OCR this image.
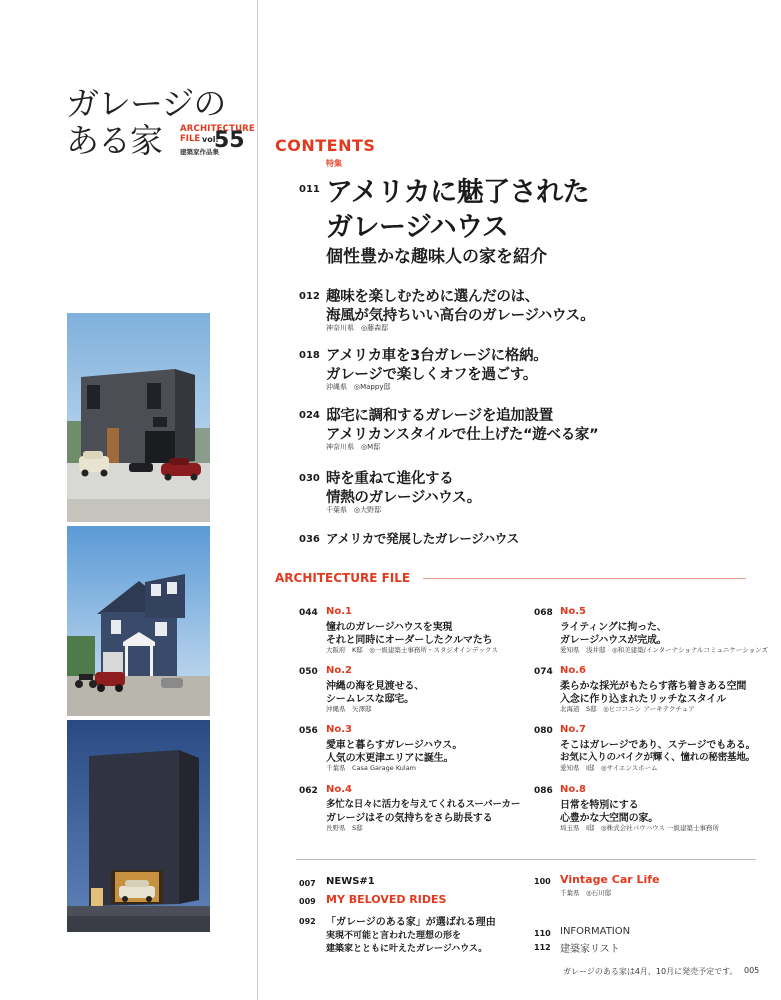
ガレージの
ある家 ARCHITECTURE
FILE vol.
55
建築家作品集	CONTENTS
特集
011 アメリカに魅了された
ガレージハウス
個性豊かな趣味人の家を紹介
012 趣味を楽しむために選んだのは、
海風が気持ちいい高台のガレージハウス。
神奈川県　◎藤森邸
018 アメリカ車を3台ガレージに格納。
ガレージで楽しくオフを過ごす。
沖縄県　◎Mappy邸
024 邸宅に調和するガレージを追加設置
アメリカンスタイルで仕上げた“遊べる家”
神奈川県　◎M邸
030 時を重ねて進化する
情熱のガレージハウス。
千葉県　◎大野邸
036 アメリカで発展したガレージハウス
ARCHITECTURE FILE
044 No.1
憧れのガレージハウスを実現
それと同時にオーダーしたクルマたち
大阪府　K邸　◎一級建築士事務所・スタジオインデックス
050 No.2
沖縄の海を見渡せる、
シームレスな邸宅。
沖縄県　矢澤邸
056 No.3
愛車と暮らすガレージハウス。
人気の木更津エリアに誕生。
千葉県　Casa Garage Kulam
062 No.4
多忙な日々に活力を与えてくれるスーパーカー
ガレージはその気持ちをさら助長する
長野県　S邸
068 No.5
ライティングに拘った、
ガレージハウスが完成。
愛知県　浅井邸　◎和美建築/インターナショナルコミュニケーションズ
074 No.6
柔らかな採光がもたらす落ち着きある空間
入念に作り込まれたリッチなスタイル
北海道　S邸　◎ヒココニシ アーキテクチュア
080 No.7
そこはガレージであり、ステージでもある。
お気に入りのバイクが輝く、憧れの秘密基地。
愛知県　I邸　◎サイエンスホーム
086 No.8
日常を特別にする
心豊かな大空間の家。
埼玉県　I邸　◎株式会社バウハウス 一級建築士事務所
007 NEWS#1
009 MY BELOVED RIDES
092 「ガレージのある家」が選ばれる理由
実現不可能と言われた理想の形を
建築家とともに叶えたガレージハウス。
100 Vintage Car Life
千葉県　◎石川邸
110 INFORMATION
112 建築家リスト
ガレージのある家は4月、10月に発売予定です。 005
